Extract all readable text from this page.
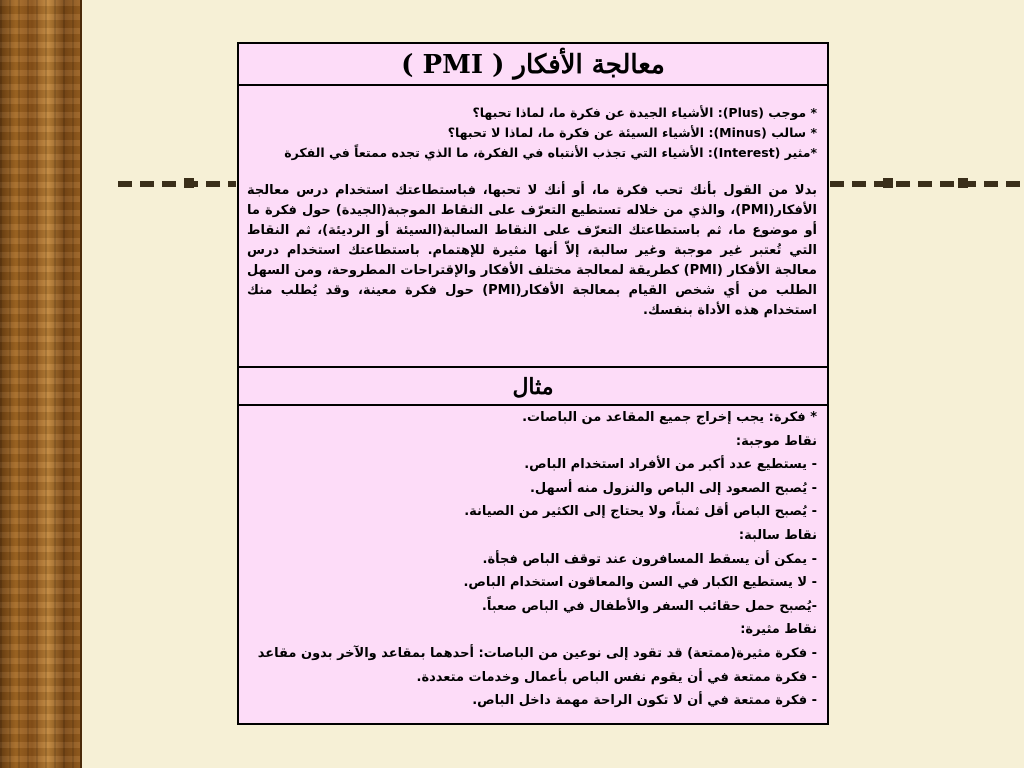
معالجة الأفكار ( PMI )
* موجب (Plus): الأشياء الجيدة عن فكرة ما، لماذا تحبها؟
* سالب (Minus): الأشياء السيئة عن فكرة ما، لماذا لا تحبها؟
*مثير (Interest): الأشياء التي تجذب الأنتباه في الفكرة، ما الذي تجده ممتعاً في الفكرة
بدلا من القول بأنك تحب فكرة ما، أو أنك لا تحبها، فباستطاعتك استخدام درس معالجة الأفكار(PMI)، والذي من خلاله تستطيع التعرّف على النقاط الموجبة(الجيدة) حول فكرة ما أو موضوع ما، ثم باستطاعتك التعرّف على النقاط السالبة(السيئة أو الرديئة)، ثم النقاط التي تُعتبر غير موجبة وغير سالبة، إلاّ أنها مثيرة للإهتمام. باستطاعتك استخدام درس معالجة الأفكار (PMI) كطريقة لمعالجة مختلف الأفكار والإقتراحات المطروحة، ومن السهل الطلب من أي شخص القيام بمعالجة الأفكار(PMI) حول فكرة معينة، وقد يُطلب منك استخدام هذه الأداة بنفسك.
مثال
* فكرة: يجب إخراج جميع المقاعد من الباصات.
نقاط موجبة:
- يستطيع عدد أكبر من الأفراد استخدام الباص.
- يُصبح الصعود إلى الباص والنزول منه أسهل.
- يُصبح الباص أقل ثمناً، ولا يحتاج إلى الكثير من الصيانة.
نقاط سالبة:
- يمكن أن يسقط المسافرون عند توقف الباص فجأة.
- لا يستطيع الكبار في السن والمعاقون استخدام الباص.
-يُصبح حمل حقائب السفر والأطفال في الباص صعباً.
نقاط مثيرة:
- فكرة مثيرة(ممتعة) قد تقود إلى نوعين من الباصات: أحدهما بمقاعد والآخر بدون مقاعد
- فكرة ممتعة في أن يقوم نفس الباص بأعمال وخدمات متعددة.
- فكرة ممتعة في أن لا تكون الراحة مهمة داخل الباص.
